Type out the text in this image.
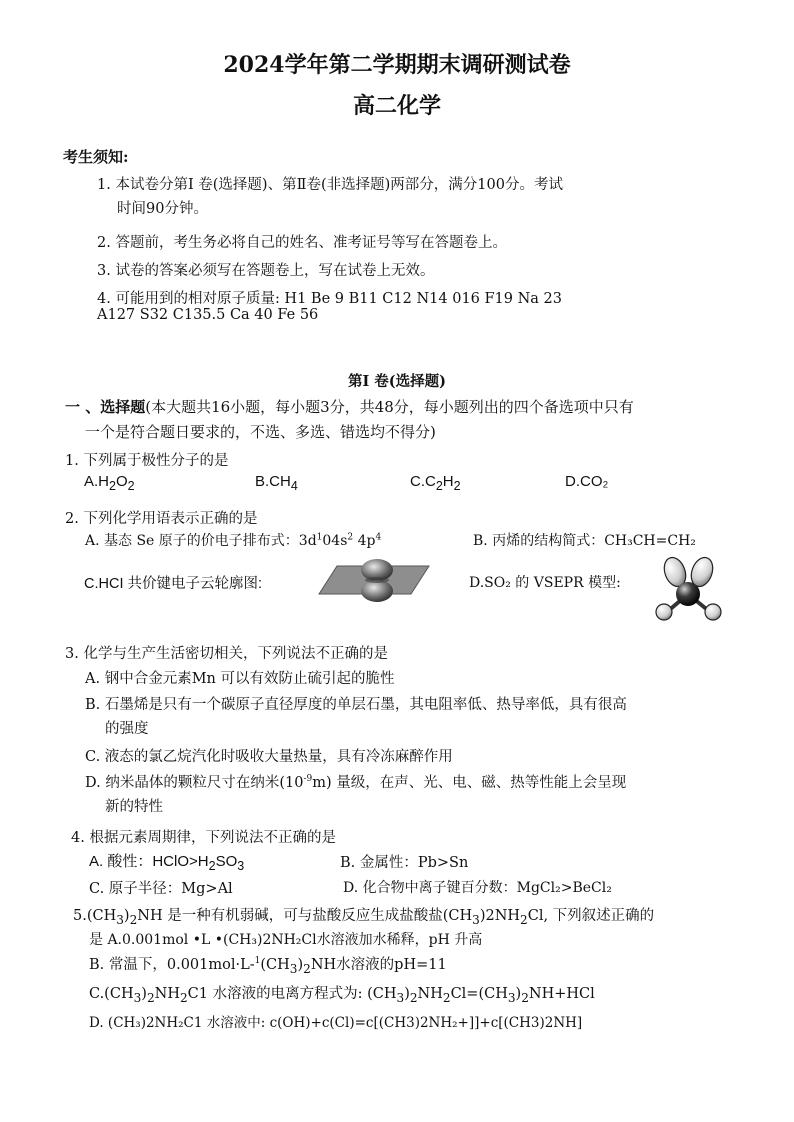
2024学年第二学期期末调研测试卷
高二化学
考生须知:
1. 本试卷分第I 卷(选择题)、第Ⅱ卷(非选择题)两部分，满分100分。考试
时间90分钟。
2. 答题前，考生务必将自己的姓名、准考证号等写在答题卷上。
3. 试卷的答案必须写在答题卷上，写在试卷上无效。
4. 可能用到的相对原子质量: H1 Be 9 B11 C12 N14 016 F19 Na 23
A127 S32 C135.5 Ca 40 Fe 56
第I 卷(选择题)
一 、选择题(本大题共16小题，每小题3分，共48分，每小题列出的四个备选项中只有
一个是符合题日要求的，不选、多选、错选均不得分)
1. 下列属于极性分子的是
$A.H_2O_2$	$B.CH_4$	$C.C_2H_2$	D.CO₂
2. 下列化学用语表示正确的是
A. 基态 Se 原子的价电子排布式：$3d^104s^2$ $4p^4$	B. 丙烯的结构简式：CH₃CH=CH₂
C.HCI 共价键电子云轮廓图:	D.SO₂ 的 VSEPR 模型:
3. 化学与生产生活密切相关，下列说法不正确的是
A. 钢中合金元素Mn 可以有效防止硫引起的脆性
B. 石墨烯是只有一个碳原子直径厚度的单层石墨，其电阻率低、热导率低，具有很高
的强度
C. 液态的氯乙烷汽化时吸收大量热量，具有冷冻麻醉作用
D. 纳米晶体的颗粒尺寸在纳米$(10^{-9}m)$ 量级，在声、光、电、磁、热等性能上会呈现
新的特性
4. 根据元素周期律，下列说法不正确的是
A. 酸性：$HClO>H_2SO_3$	B. 金属性：Pb>Sn
C. 原子半径：Mg>Al	D. 化合物中离子键百分数：MgCl₂>BeCl₂
$5.(CH_3)_2NH$ 是一种有机弱碱，可与盐酸反应生成盐酸盐$(CH_3)2NH_2Cl$, 下列叙述正确的
是 A.0.001mol •L •(CH₃)2NH₂Cl水溶液加水稀释，pH 升高
B. 常温下，$0.001mol\cdot L-^1(CH_3)_2NH$水溶液的pH=11
$C.(CH_3)_2NH_2C1$ 水溶液的电离方程式为: $(CH_3)_2NH_2Cl=(CH_3)_2NH+HCl$
D. (CH₃)2NH₂C1 水溶液中: c(OH)+c(Cl)=c[(CH3)2NH₂+]]+c[(CH3)2NH]
